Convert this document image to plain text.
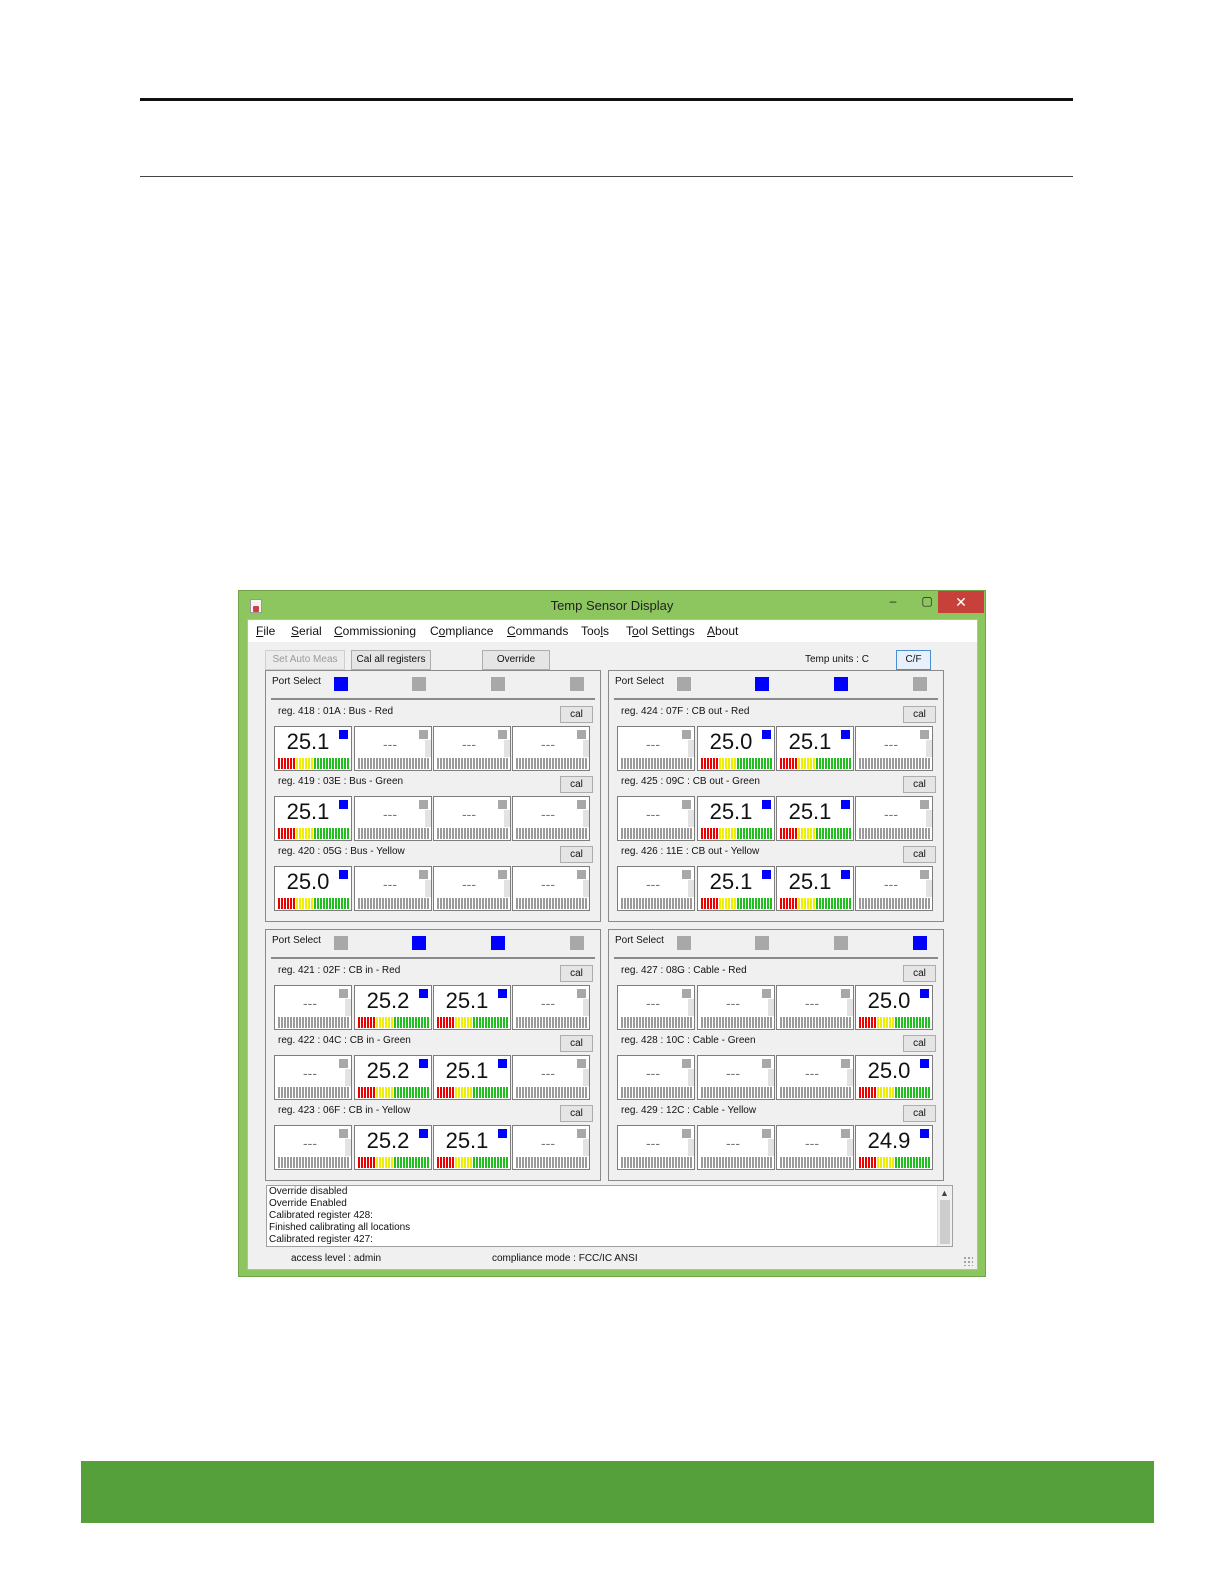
Temp Sensor Display	–	▢	✕
File Serial Commissioning Compliance Commands Tools Tool Settings About
Set Auto Meas	Cal all registers	Override	Temp units : C	C/F
Port Select
reg. 418 : 01A : Bus - Red	cal
25.1	---	---	---
reg. 419 : 03E : Bus - Green	cal
25.1	---	---	---
reg. 420 : 05G : Bus - Yellow	cal
25.0	---	---	---
Port Select
reg. 424 : 07F : CB out - Red	cal
---	25.0	25.1	---
reg. 425 : 09C : CB out - Green	cal
---	25.1	25.1	---
reg. 426 : 11E : CB out - Yellow	cal
---	25.1	25.1	---
Port Select
reg. 421 : 02F : CB in - Red	cal
---	25.2	25.1	---
reg. 422 : 04C : CB in - Green	cal
---	25.2	25.1	---
reg. 423 : 06F : CB in - Yellow	cal
---	25.2	25.1	---
Port Select
reg. 427 : 08G : Cable - Red	cal
---	---	---	25.0
reg. 428 : 10C : Cable - Green	cal
---	---	---	25.0
reg. 429 : 12C : Cable - Yellow	cal
---	---	---	24.9
Override disabled
Override Enabled
Calibrated register 428:
Finished calibrating all locations
Calibrated register 427:
▲
access level : admin	compliance mode : FCC/IC ANSI
